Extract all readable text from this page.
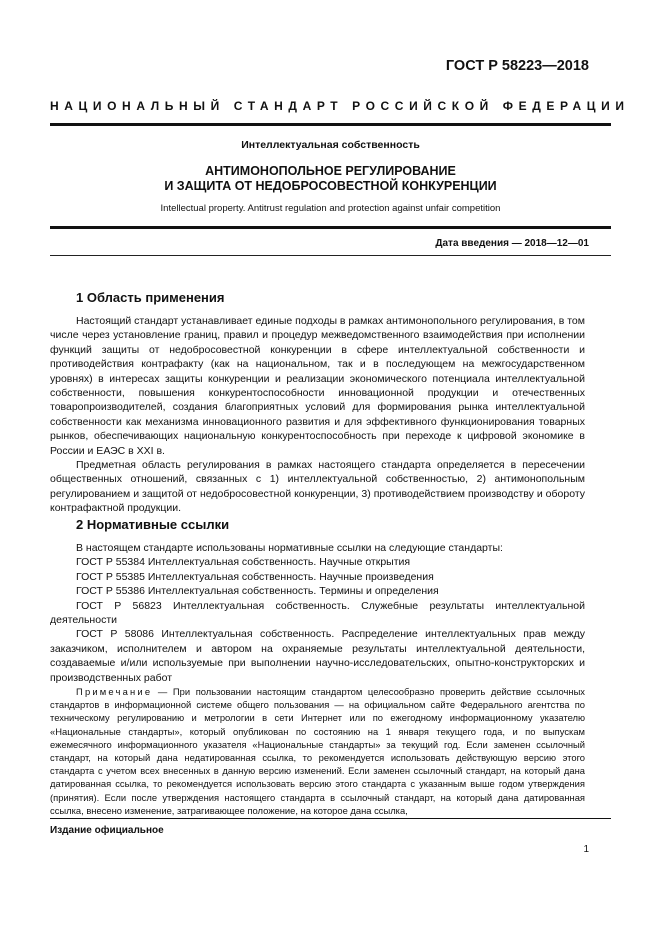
ГОСТ Р 58223—2018
НАЦИОНАЛЬНЫЙ СТАНДАРТ РОССИЙСКОЙ ФЕДЕРАЦИИ
Интеллектуальная собственность
АНТИМОНОПОЛЬНОЕ РЕГУЛИРОВАНИЕ
И ЗАЩИТА ОТ НЕДОБРОСОВЕСТНОЙ КОНКУРЕНЦИИ
Intellectual property. Antitrust regulation and protection against unfair competition
Дата введения — 2018—12—01
1 Область применения

Настоящий стандарт устанавливает единые подходы в рамках антимонопольного регулирования, в том числе через установление границ, правил и процедур межведомственного взаимодействия при исполнении функций защиты от недобросовестной конкуренции в сфере интеллектуальной собственности и противодействия контрафакту (как на национальном, так и в последующем на межгосударственном уровнях) в интересах защиты конкуренции и реализации экономического потенциала интеллектуальной собственности, повышения конкурентоспособности инновационной продукции и отечественных товаропроизводителей, создания благоприятных условий для формирования рынка интеллектуальной собственности как механизма инновационного развития и для эффективного функционирования товарных рынков, обеспечивающих национальную конкурентоспособность при переходе к цифровой экономике в России и ЕАЭС в XXI в.

Предметная область регулирования в рамках настоящего стандарта определяется в пересечении общественных отношений, связанных с 1) интеллектуальной собственностью, 2) антимонопольным регулированием и защитой от недобросовестной конкуренции, 3) противодействием производству и обороту контрафактной продукции.

2 Нормативные ссылки
В настоящем стандарте использованы нормативные ссылки на следующие стандарты:
ГОСТ Р 55384 Интеллектуальная собственность. Научные открытия
ГОСТ Р 55385 Интеллектуальная собственность. Научные произведения
ГОСТ Р 55386 Интеллектуальная собственность. Термины и определения
ГОСТ Р 56823 Интеллектуальная собственность. Служебные результаты интеллектуальной деятельности
ГОСТ Р 58086 Интеллектуальная собственность. Распределение интеллектуальных прав между заказчиком, исполнителем и автором на охраняемые результаты интеллектуальной деятельности, создаваемые и/или используемые при выполнении научно-исследовательских, опытно-конструкторских и производственных работ
Примечание — При пользовании настоящим стандартом целесообразно проверить действие ссылочных стандартов в информационной системе общего пользования — на официальном сайте Федерального агентства по техническому регулированию и метрологии в сети Интернет или по ежегодному информационному указателю «Национальные стандарты», который опубликован по состоянию на 1 января текущего года, и по выпускам ежемесячного информационного указателя «Национальные стандарты» за текущий год. Если заменен ссылочный стандарт, на который дана недатированная ссылка, то рекомендуется использовать действующую версию этого стандарта с учетом всех внесенных в данную версию изменений. Если заменен ссылочный стандарт, на который дана датированная ссылка, то рекомендуется использовать версию этого стандарта с указанным выше годом утверждения (принятия). Если после утверждения настоящего стандарта в ссылочный стандарт, на который дана датированная ссылка, внесено изменение, затрагивающее положение, на которое дана ссылка,
Издание официальное
1
